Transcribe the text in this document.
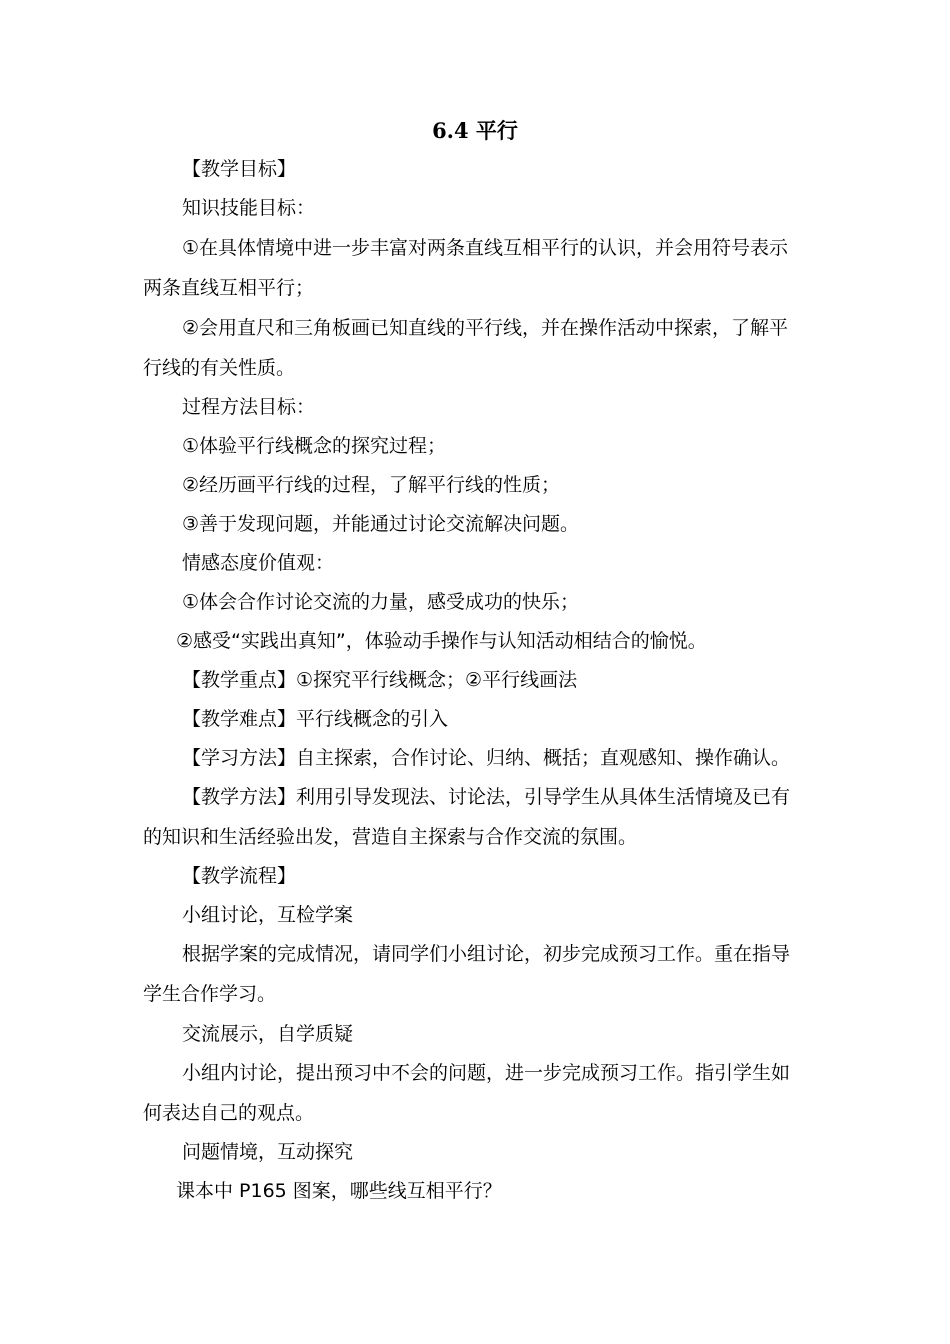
6.4 平行
【教学目标】
知识技能目标：
①在具体情境中进一步丰富对两条直线互相平行的认识，并会用符号表示
两条直线互相平行；
②会用直尺和三角板画已知直线的平行线，并在操作活动中探索，了解平
行线的有关性质。
过程方法目标：
①体验平行线概念的探究过程；
②经历画平行线的过程，了解平行线的性质；
③善于发现问题，并能通过讨论交流解决问题。
情感态度价值观：
①体会合作讨论交流的力量，感受成功的快乐；
②感受“实践出真知”，体验动手操作与认知活动相结合的愉悦。
【教学重点】①探究平行线概念；②平行线画法
【教学难点】平行线概念的引入
【学习方法】自主探索，合作讨论、归纳、概括；直观感知、操作确认。
【教学方法】利用引导发现法、讨论法，引导学生从具体生活情境及已有
的知识和生活经验出发，营造自主探索与合作交流的氛围。
【教学流程】
小组讨论，互检学案
根据学案的完成情况，请同学们小组讨论，初步完成预习工作。重在指导
学生合作学习。
交流展示，自学质疑
小组内讨论，提出预习中不会的问题，进一步完成预习工作。指引学生如
何表达自己的观点。
问题情境，互动探究
课本中 P165 图案，哪些线互相平行？
